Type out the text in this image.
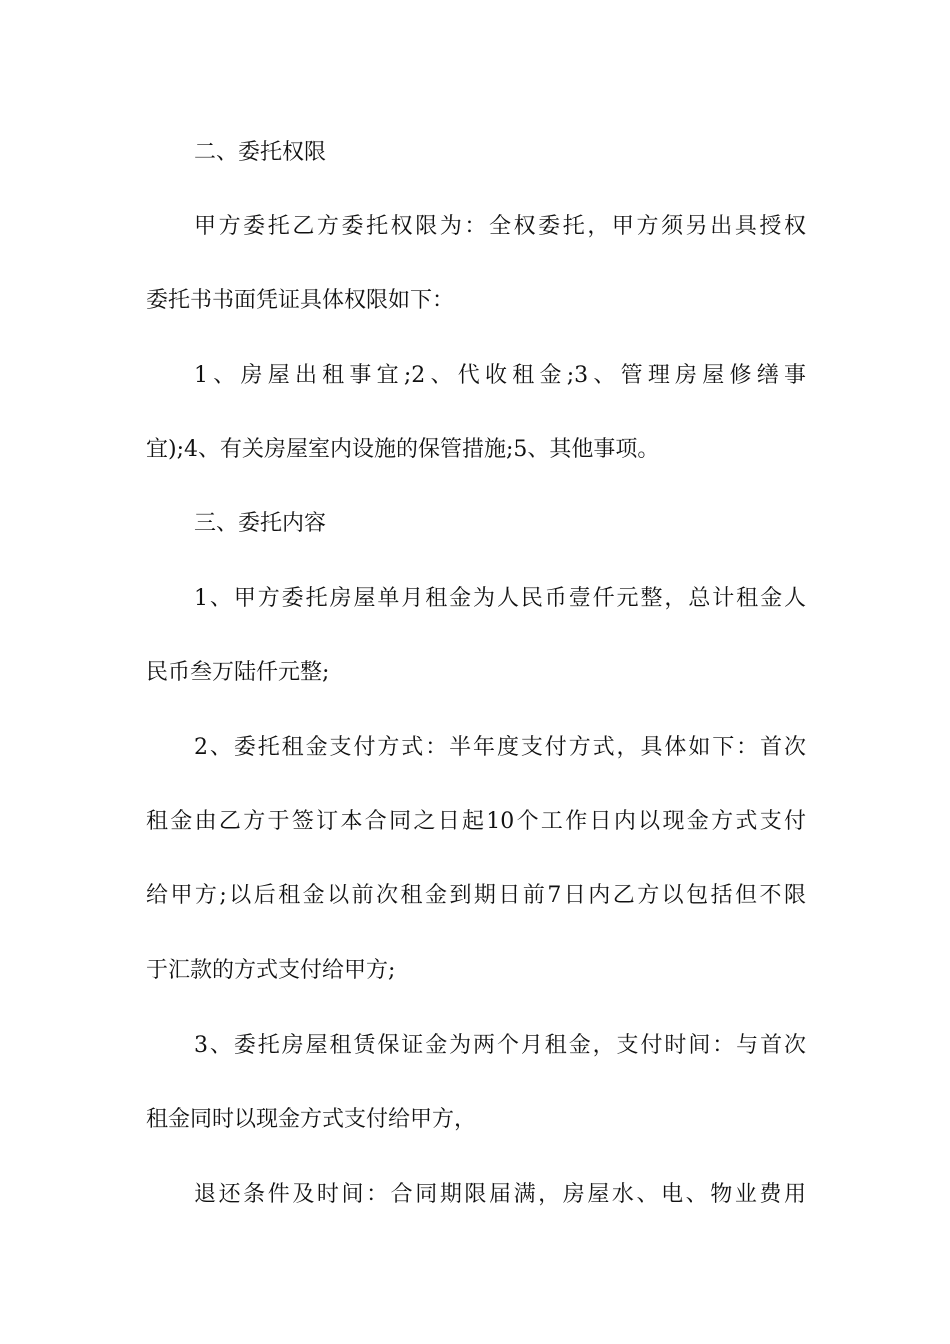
二、委托权限
甲方委托乙方委托权限为：全权委托，甲方须另出具授权
委托书书面凭证具体权限如下：
1、房屋出租事宜;2、代收租金;3、管理房屋修缮事
宜);4、有关房屋室内设施的保管措施;5、其他事项。
三、委托内容
1、甲方委托房屋单月租金为人民币壹仟元整，总计租金人
民币叁万陆仟元整;
2、委托租金支付方式：半年度支付方式，具体如下：首次
租金由乙方于签订本合同之日起10个工作日内以现金方式支付
给甲方;以后租金以前次租金到期日前7日内乙方以包括但不限
于汇款的方式支付给甲方;
3、委托房屋租赁保证金为两个月租金，支付时间：与首次
租金同时以现金方式支付给甲方，
退还条件及时间：合同期限届满，房屋水、电、物业费用
